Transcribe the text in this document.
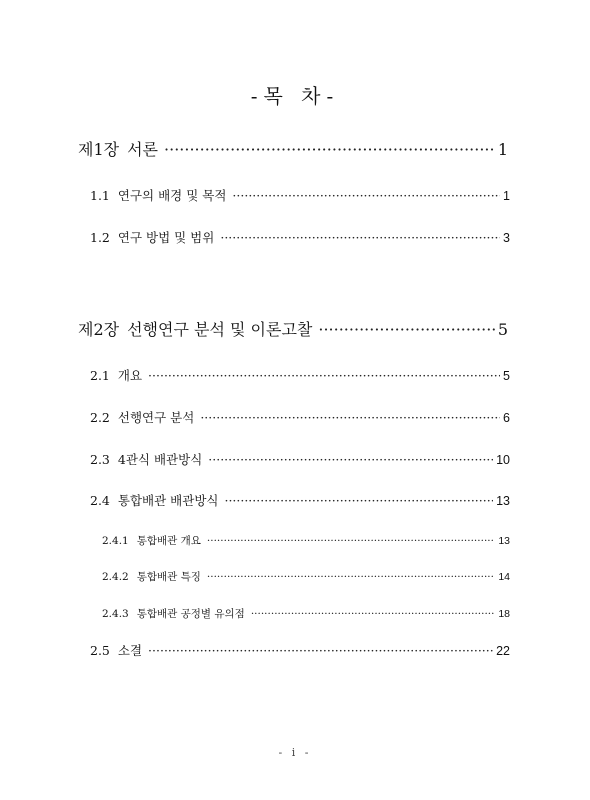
-목 차-
제1장 서론 ·····	1
1.1 연구의 배경 및 목적 ·····	1
1.2 연구 방법 및 범위 ·····	3
제2장 선행연구 분석 및 이론고찰 ·····	5
2.1 개요 ·····	5
2.2 선행연구 분석 ·····	6
2.3 4관식 배관방식 ·····	10
2.4 통합배관 배관방식 ·····	13
2.4.1 통합배관 개요 ·····	13
2.4.2 통합배관 특징 ·····	14
2.4.3 통합배관 공정별 유의점 ·····	18
2.5 소결 ·····	22
- i -
